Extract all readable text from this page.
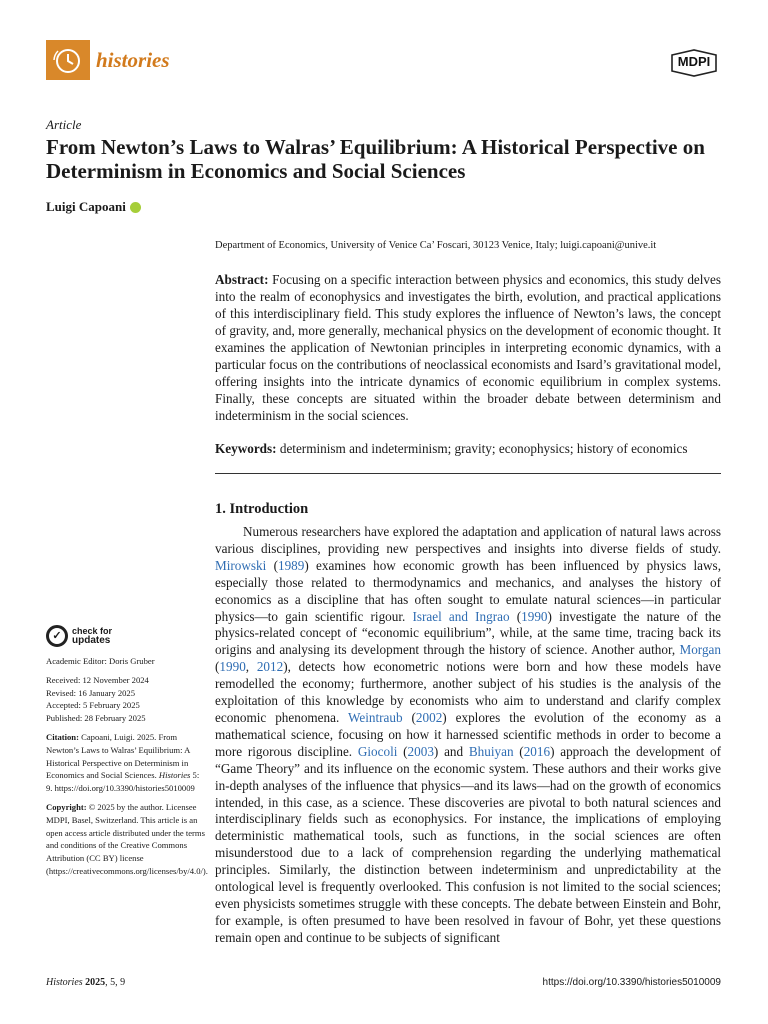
histories	MDPI
Article
From Newton’s Laws to Walras’ Equilibrium: A Historical Perspective on Determinism in Economics and Social Sciences
Luigi Capoani
Department of Economics, University of Venice Ca’ Foscari, 30123 Venice, Italy; luigi.capoani@unive.it

Abstract: Focusing on a specific interaction between physics and economics, this study delves into the realm of econophysics and investigates the birth, evolution, and practical applications of this interdisciplinary field. This study explores the influence of Newton’s laws, the concept of gravity, and, more generally, mechanical physics on the development of economic thought. It examines the application of Newtonian principles in interpreting economic dynamics, with a particular focus on the contributions of neoclassical economists and Isard’s gravitational model, offering insights into the intricate dynamics of economic equilibrium in complex systems. Finally, these concepts are situated within the broader debate between determinism and indeterminism in the social sciences.

Keywords: determinism and indeterminism; gravity; econophysics; history of economics

1. Introduction

Numerous researchers have explored the adaptation and application of natural laws across various disciplines, providing new perspectives and insights into diverse fields of study. Mirowski (1989) examines how economic growth has been influenced by physics laws, especially those related to thermodynamics and mechanics, and analyses the history of economics as a discipline that has often sought to emulate natural sciences—in particular physics—to gain scientific rigour. Israel and Ingrao (1990) investigate the nature of the physics-related concept of “economic equilibrium”, while, at the same time, tracing back its origins and analysing its development through the history of science. Another author, Morgan (1990, 2012), detects how econometric notions were born and how these models have remodelled the economy; furthermore, another subject of his studies is the analysis of the exploitation of this knowledge by economists who aim to understand and clarify complex economic phenomena. Weintraub (2002) explores the evolution of the economy as a mathematical science, focusing on how it harnessed scientific methods in order to become a more rigorous discipline. Giocoli (2003) and Bhuiyan (2016) approach the development of “Game Theory” and its influence on the economic system. These authors and their works give in-depth analyses of the influence that physics—and its laws—had on the growth of economics intended, in this case, as a science. These discoveries are pivotal to both natural sciences and interdisciplinary fields such as econophysics. For instance, the implications of employing deterministic mathematical tools, such as functions, in the social sciences are often misunderstood due to a lack of comprehension regarding the underlying mathematical principles. Similarly, the distinction between indeterminism and unpredictability at the ontological level is frequently overlooked. This confusion is not limited to the social sciences; even physicists sometimes struggle with these concepts. The debate between Einstein and Bohr, for example, is often presumed to have been resolved in favour of Bohr, yet these questions remain open and continue to be subjects of significant

✓	check for
updates
Academic Editor: Doris Gruber
Received: 12 November 2024
Revised: 16 January 2025
Accepted: 5 February 2025
Published: 28 February 2025
Citation: Capoani, Luigi. 2025. From Newton’s Laws to Walras’ Equilibrium: A Historical Perspective on Determinism in Economics and Social Sciences. Histories 5: 9. https://doi.org/10.3390/histories5010009
Copyright: © 2025 by the author. Licensee MDPI, Basel, Switzerland. This article is an open access article distributed under the terms and conditions of the Creative Commons Attribution (CC BY) license (https://creativecommons.org/licenses/by/4.0/).
Histories 2025, 5, 9	https://doi.org/10.3390/histories5010009
